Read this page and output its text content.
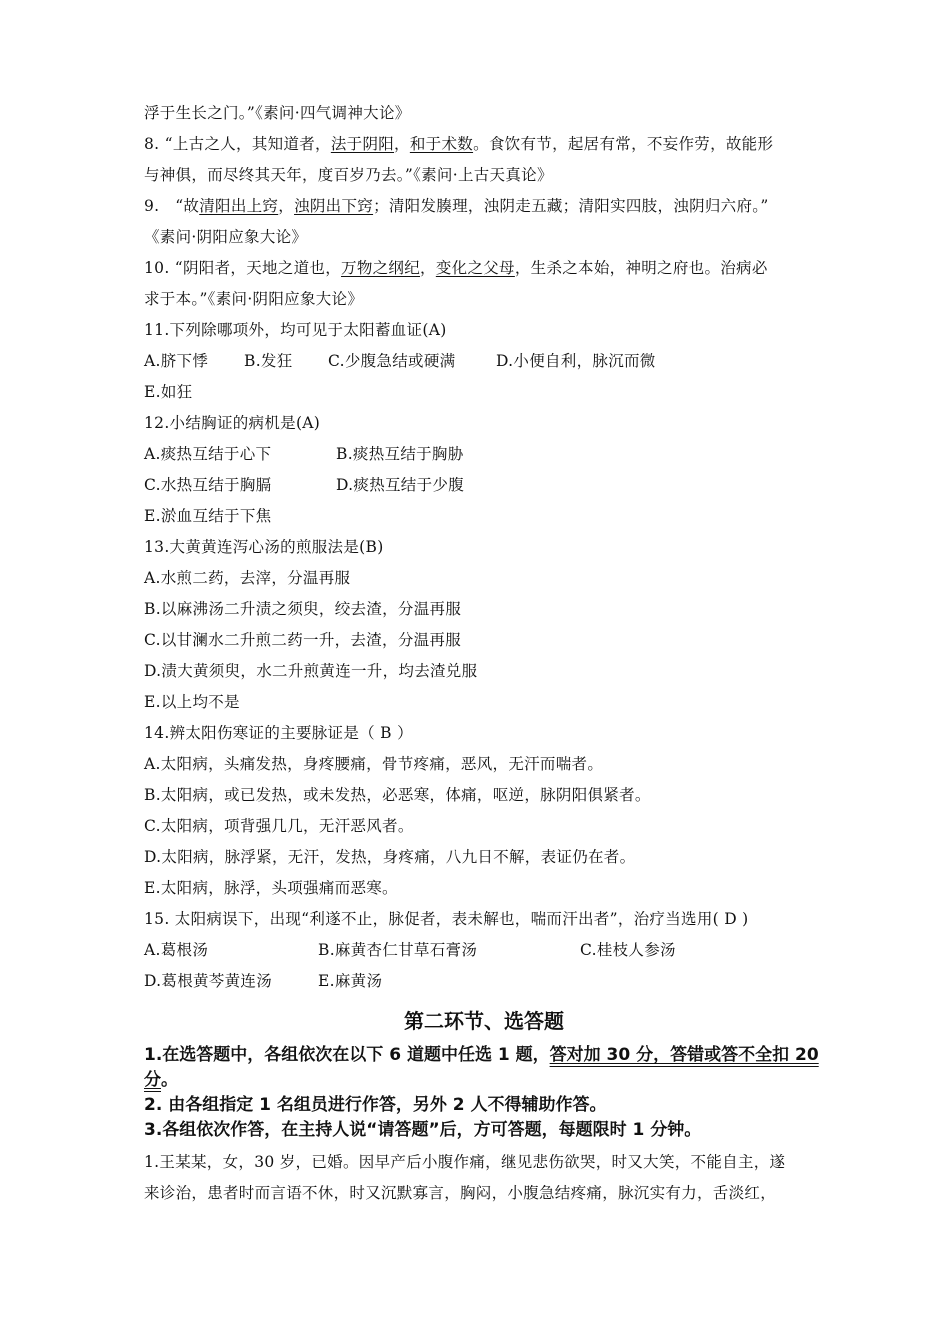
浮于生长之门。”《素问·四气调神大论》
8. “上古之人，其知道者，法于阴阳，和于术数。食饮有节，起居有常，不妄作劳，故能形
与神俱，而尽终其天年，度百岁乃去。”《素问·上古天真论》
9.　“故清阳出上窍，浊阴出下窍；清阳发腠理，浊阴走五藏；清阳实四肢，浊阴归六府。”
《素问·阴阳应象大论》
10. “阴阳者，天地之道也，万物之纲纪，变化之父母，生杀之本始，神明之府也。治病必
求于本。”《素问·阴阳应象大论》
11.下列除哪项外，均可见于太阳蓄血证(A)
A.脐下悸 B.发狂 C.少腹急结或硬满	D.小便自利，脉沉而微
E.如狂
12.小结胸证的病机是(A)
A.痰热互结于心下	B.痰热互结于胸胁
C.水热互结于胸膈	D.痰热互结于少腹
E.淤血互结于下焦
13.大黄黄连泻心汤的煎服法是(B)
A.水煎二药，去滓，分温再服
B.以麻沸汤二升渍之须臾，绞去渣，分温再服
C.以甘澜水二升煎二药一升，去渣，分温再服
D.渍大黄须臾，水二升煎黄连一升，均去渣兑服
E.以上均不是
14.辨太阳伤寒证的主要脉证是（ B ）
A.太阳病，头痛发热，身疼腰痛，骨节疼痛，恶风，无汗而喘者。
B.太阳病，或已发热，或未发热，必恶寒，体痛，呕逆，脉阴阳俱紧者。
C.太阳病，项背强几几，无汗恶风者。
D.太阳病，脉浮紧，无汗，发热，身疼痛，八九日不解，表证仍在者。
E.太阳病，脉浮，头项强痛而恶寒。
15. 太阳病误下，出现“利遂不止，脉促者，表未解也，喘而汗出者”，治疗当选用( D )
A.葛根汤	B.麻黄杏仁甘草石膏汤	C.桂枝人参汤
D.葛根黄芩黄连汤	E.麻黄汤
第二环节、选答题
1.在选答题中，各组依次在以下 6 道题中任选 1 题，答对加 30 分，答错或答不全扣 20 分。
2. 由各组指定 1 名组员进行作答，另外 2 人不得辅助作答。
3.各组依次作答，在主持人说“请答题”后，方可答题，每题限时 1 分钟。
1.王某某，女，30 岁，已婚。因早产后小腹作痛，继见悲伤欲哭，时又大笑，不能自主，遂
来诊治，患者时而言语不休，时又沉默寡言，胸闷，小腹急结疼痛，脉沉实有力，舌淡红，
